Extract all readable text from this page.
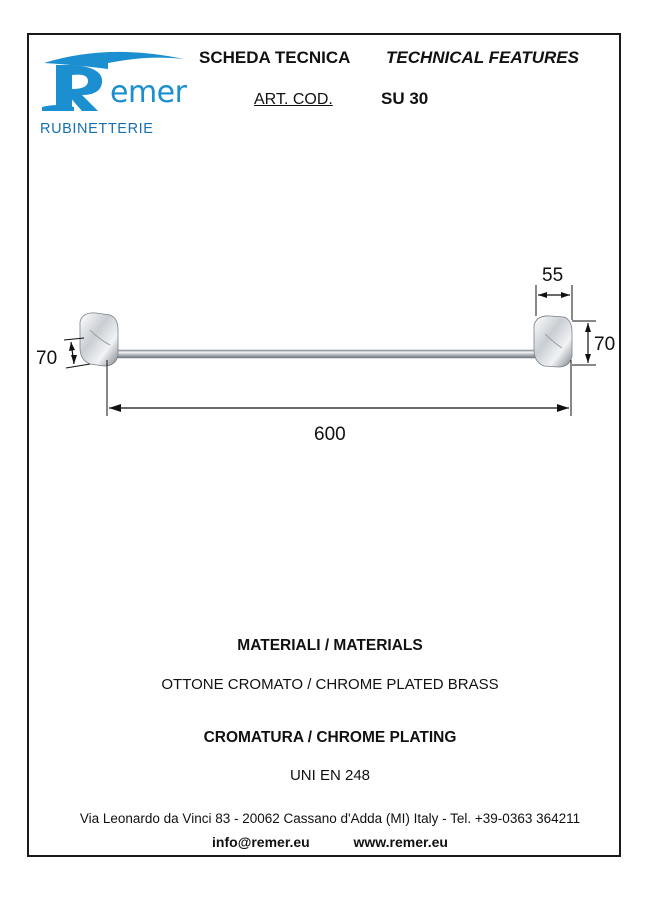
emer
RUBINETTERIE
SCHEDA TECNICA TECHNICAL FEATURES
ART. COD.	SU 30
600
55
70
70
MATERIALI / MATERIALS
OTTONE CROMATO / CHROME PLATED BRASS
CROMATURA / CHROME PLATING
UNI EN 248
Via Leonardo da Vinci 83 - 20062 Cassano d'Adda (MI) Italy - Tel. +39-0363 364211
info@remer.eu	www.remer.eu
